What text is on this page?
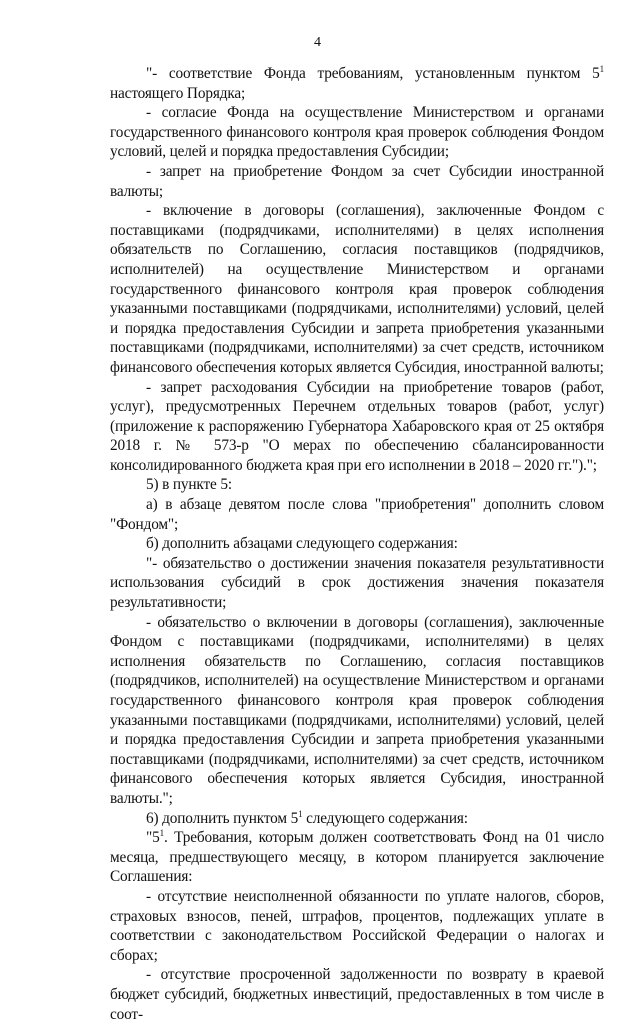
4

"- соответствие Фонда требованиям, установленным пунктом $5^1$ настоящего Порядка;

- согласие Фонда на осуществление Министерством и органами государственного финансового контроля края проверок соблюдения Фондом условий, целей и порядка предоставления Субсидии;

- запрет на приобретение Фондом за счет Субсидии иностранной валюты;

- включение в договоры (соглашения), заключенные Фондом с поставщиками (подрядчиками, исполнителями) в целях исполнения обязательств по Соглашению, согласия поставщиков (подрядчиков, исполнителей) на осуществление Министерством и органами государственного финансового контроля края проверок соблюдения указанными поставщиками (подрядчиками, исполнителями) условий, целей и порядка предоставления Субсидии и запрета приобретения указанными поставщиками (подрядчиками, исполнителями) за счет средств, источником финансового обеспечения которых является Субсидия, иностранной валюты;

- запрет расходования Субсидии на приобретение товаров (работ, услуг), предусмотренных Перечнем отдельных товаров (работ, услуг) (приложение к распоряжению Губернатора Хабаровского края от 25 октября 2018 г. № 573-р "О мерах по обеспечению сбалансированности консолидированного бюджета края при его исполнении в 2018 – 2020 гг.").";

5) в пункте 5:

а) в абзаце девятом после слова "приобретения" дополнить словом "Фондом";

б) дополнить абзацами следующего содержания:

"- обязательство о достижении значения показателя результативности использования субсидий в срок достижения значения показателя результативности;

- обязательство о включении в договоры (соглашения), заключенные Фондом с поставщиками (подрядчиками, исполнителями) в целях исполнения обязательств по Соглашению, согласия поставщиков (подрядчиков, исполнителей) на осуществление Министерством и органами государственного финансового контроля края проверок соблюдения указанными поставщиками (подрядчиками, исполнителями) условий, целей и порядка предоставления Субсидии и запрета приобретения указанными поставщиками (подрядчиками, исполнителями) за счет средств, источником финансового обеспечения которых является Субсидия, иностранной валюты.";

6) дополнить пунктом $5^1$ следующего содержания:

"$5^1$. Требования, которым должен соответствовать Фонд на 01 число месяца, предшествующего месяцу, в котором планируется заключение Соглашения:

- отсутствие неисполненной обязанности по уплате налогов, сборов, страховых взносов, пеней, штрафов, процентов, подлежащих уплате в соответствии с законодательством Российской Федерации о налогах и сборах;

- отсутствие просроченной задолженности по возврату в краевой бюджет субсидий, бюджетных инвестиций, предоставленных в том числе в соот-
